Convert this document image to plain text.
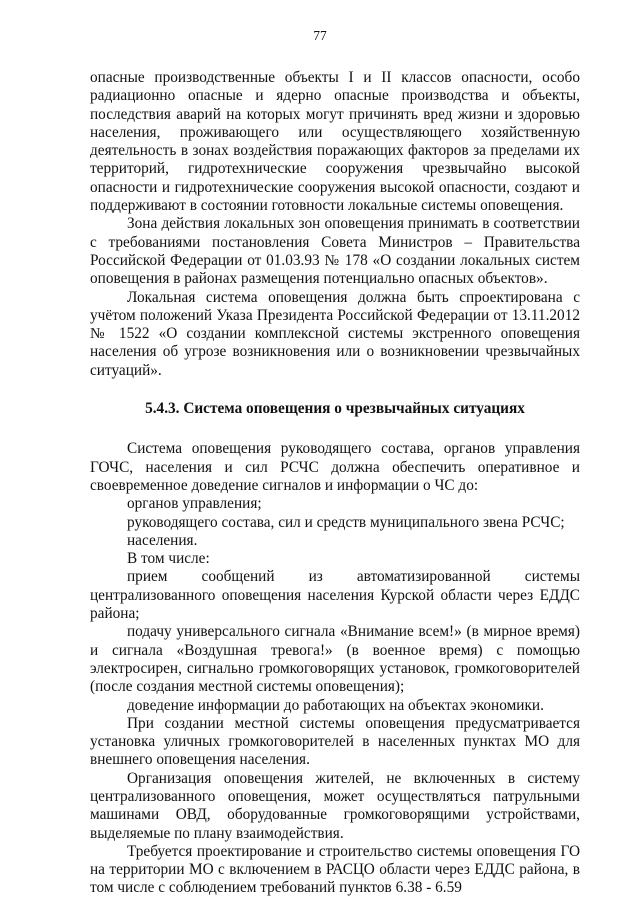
77

опасные производственные объекты I и II классов опасности, особо радиационно опасные и ядерно опасные производства и объекты, последствия аварий на которых могут причинять вред жизни и здоровью населения, проживающего или осуществляющего хозяйственную деятельность в зонах воздействия поражающих факторов за пределами их территорий, гидротехнические сооружения чрезвычайно высокой опасности и гидротехнические сооружения высокой опасности, создают и поддерживают в состоянии готовности локальные системы оповещения.

Зона действия локальных зон оповещения принимать в соответствии с требованиями постановления Совета Министров – Правительства Российской Федерации от 01.03.93 № 178 «О создании локальных систем оповещения в районах размещения потенциально опасных объектов».

Локальная система оповещения должна быть спроектирована с учётом положений Указа Президента Российской Федерации от 13.11.2012 № 1522 «О создании комплексной системы экстренного оповещения населения об угрозе возникновения или о возникновении чрезвычайных ситуаций».

5.4.3. Система оповещения о чрезвычайных ситуациях

Система оповещения руководящего состава, органов управления ГОЧС, населения и сил РСЧС должна обеспечить оперативное и своевременное доведение сигналов и информации о ЧС до:

органов управления;

руководящего состава, сил и средств муниципального звена РСЧС;

населения.

В том числе:

прием сообщений из автоматизированной системы централизованного оповещения населения Курской области через ЕДДС района;

подачу универсального сигнала «Внимание всем!» (в мирное время) и сигнала «Воздушная тревога!» (в военное время) с помощью электросирен, сигнально громкоговорящих установок, громкоговорителей (после создания местной системы оповещения);

доведение информации до работающих на объектах экономики.

При создании местной системы оповещения предусматривается установка уличных громкоговорителей в населенных пунктах МО для внешнего оповещения населения.

Организация оповещения жителей, не включенных в систему централизованного оповещения, может осуществляться патрульными машинами ОВД, оборудованные громкоговорящими устройствами, выделяемые по плану взаимодействия.

Требуется проектирование и строительство системы оповещения ГО на территории МО с включением в РАСЦО области через ЕДДС района, в том числе с соблюдением требований пунктов 6.38 - 6.59
